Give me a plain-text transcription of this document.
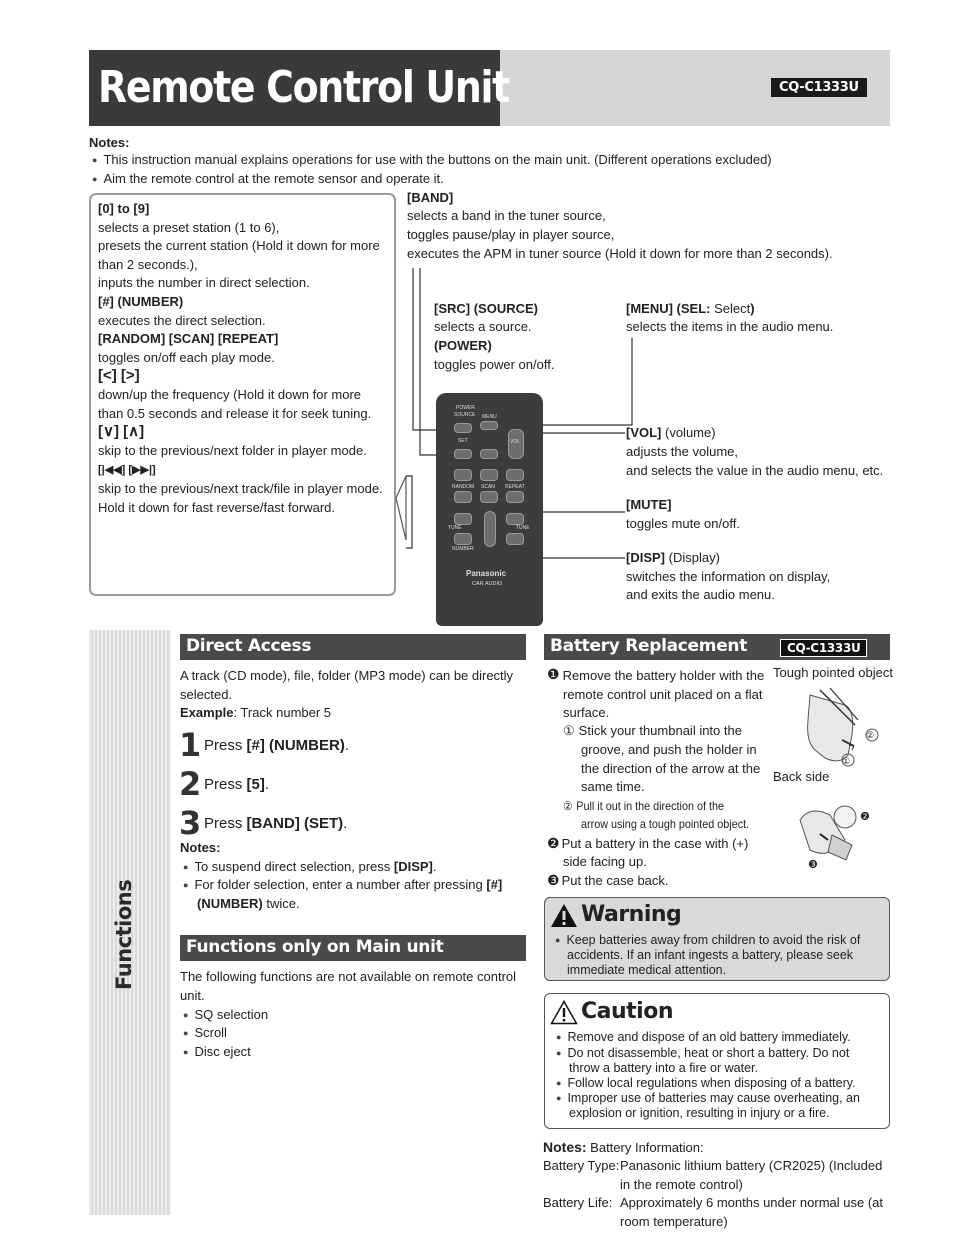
Remote Control Unit	CQ-C1333U
Notes:
● This instruction manual explains operations for use with the buttons on the main unit. (Different operations excluded)
● Aim the remote control at the remote sensor and operate it.

[0] to [9]

selects a preset station (1 to 6),

presets the current station (Hold it down for more

than 2 seconds.),

inputs the number in direct selection.

[#] (NUMBER)

executes the direct selection.

[RANDOM] [SCAN] [REPEAT]

toggles on/off each play mode.

[<] [>]

down/up the frequency (Hold it down for more

than 0.5 seconds and release it for seek tuning.

[∨] [∧]

skip to the previous/next folder in player mode.

[|◀◀] [▶▶|]

skip to the previous/next track/file in player mode.

Hold it down for fast reverse/fast forward.

[BAND]
selects a band in the tuner source,
toggles pause/play in player source,
executes the APM in tuner source (Hold it down for more than 2 seconds).
[SRC] (SOURCE)
selects a source.
(POWER)
toggles power on/off.
[MENU] (SEL: Select)
selects the items in the audio menu.
[VOL] (volume)
adjusts the volume,
and selects the value in the audio menu, etc.
[MUTE]
toggles mute on/off.
[DISP] (Display)
switches the information on display,
and exits the audio menu.
POWER
SOURCE MENU
SET	VOL
RANDOM SCAN REPEAT
TUNE	TUNE
NUMBER
Panasonic
CAR AUDIO
Functions
Direct Access
A track (CD mode), file, folder (MP3 mode) can be directly
selected.
Example: Track number 5
1 Press [#] (NUMBER).
2 Press [5].
3 Press [BAND] (SET).
Notes:
● To suspend direct selection, press [DISP].
● For folder selection, enter a number after pressing [#]
(NUMBER) twice.
Functions only on Main unit
The following functions are not available on remote control
unit.
● SQ selection
● Scroll
● Disc eject
Battery Replacement	CQ-C1333U
❶ Remove the battery holder with the
remote control unit placed on a flat
surface.
① Stick your thumbnail into the
groove, and push the holder in
the direction of the arrow at the
same time.
② Pull it out in the direction of the
arrow using a tough pointed object.
❷ Put a battery in the case with (+)
side facing up.
❸ Put the case back.
Tough pointed object
Back side
②
①
❷
❸
Warning
● Keep batteries away from children to avoid the risk of
accidents. If an infant ingests a battery, please seek
immediate medical attention.
Caution
● Remove and dispose of an old battery immediately.
● Do not disassemble, heat or short a battery. Do not
throw a battery into a fire or water.
● Follow local regulations when disposing of a battery.
● Improper use of batteries may cause overheating, an
explosion or ignition, resulting in injury or a fire.
Notes: Battery Information:
Battery Type: Panasonic lithium battery (CR2025) (Included
in the remote control)
Battery Life: Approximately 6 months under normal use (at
room temperature)
